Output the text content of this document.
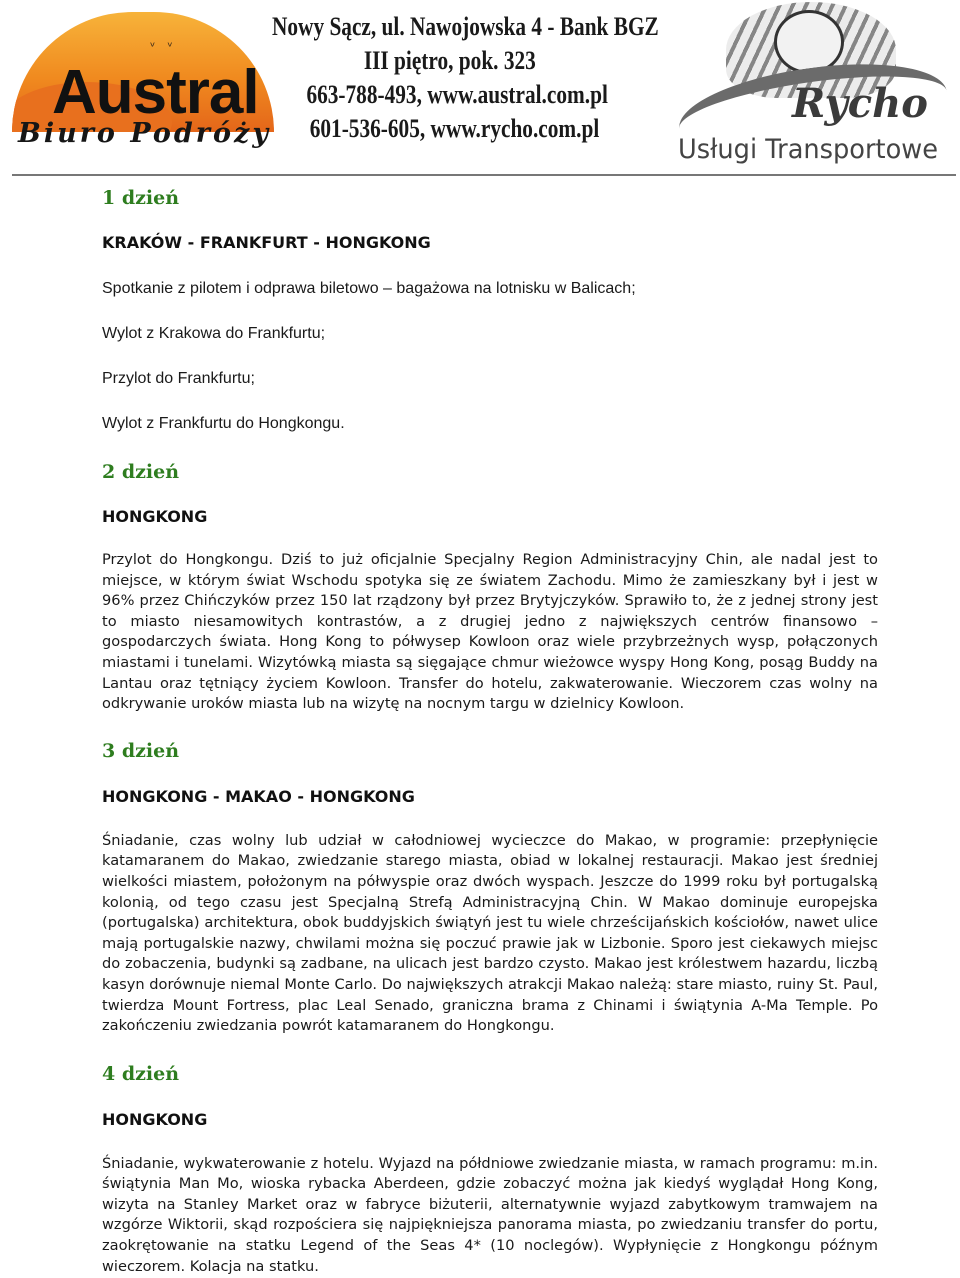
ᵛ ᵛ
Austral
Biuro Podróży
Nowy Sącz, ul. Nawojowska 4 - Bank BGZ
III piętro, pok. 323
663-788-493, www.austral.com.pl
601-536-605, www.rycho.com.pl
Rycho
Usługi Transportowe

1 dzień

KRAKÓW - FRANKFURT - HONGKONG

Spotkanie z pilotem i odprawa biletowo – bagażowa na lotnisku w Balicach;

Wylot z Krakowa do Frankfurtu;

Przylot do Frankfurtu;

Wylot z Frankfurtu do Hongkongu.

2 dzień

HONGKONG

Przylot do Hongkongu. Dziś to już oficjalnie Specjalny Region Administracyjny Chin, ale nadal jest to miejsce, w którym świat Wschodu spotyka się ze światem Zachodu. Mimo że zamieszkany był i jest w 96% przez Chińczyków przez 150 lat rządzony był przez Brytyjczyków. Sprawiło to, że z jednej strony jest to miasto niesamowitych kontrastów, a z drugiej jedno z największych centrów finansowo – gospodarczych świata. Hong Kong to półwysep Kowloon oraz wiele przybrzeżnych wysp, połączonych miastami i tunelami. Wizytówką miasta są sięgające chmur wieżowce wyspy Hong Kong, posąg Buddy na Lantau oraz tętniący życiem Kowloon. Transfer do hotelu, zakwaterowanie. Wieczorem czas wolny na odkrywanie uroków miasta lub na wizytę na nocnym targu w dzielnicy Kowloon.

3 dzień

HONGKONG - MAKAO - HONGKONG

Śniadanie, czas wolny lub udział w całodniowej wycieczce do Makao, w programie: przepłynięcie katamaranem do Makao, zwiedzanie starego miasta, obiad w lokalnej restauracji. Makao jest średniej wielkości miastem, położonym na półwyspie oraz dwóch wyspach. Jeszcze do 1999 roku był portugalską kolonią, od tego czasu jest Specjalną Strefą Administracyjną Chin. W Makao dominuje europejska (portugalska) architektura, obok buddyjskich świątyń jest tu wiele chrześcijańskich kościołów, nawet ulice mają portugalskie nazwy, chwilami można się poczuć prawie jak w Lizbonie. Sporo jest ciekawych miejsc do zobaczenia, budynki są zadbane, na ulicach jest bardzo czysto. Makao jest królestwem hazardu, liczbą kasyn dorównuje niemal Monte Carlo. Do największych atrakcji Makao należą: stare miasto, ruiny St. Paul, twierdza Mount Fortress, plac Leal Senado, graniczna brama z Chinami i świątynia A-Ma Temple. Po zakończeniu zwiedzania powrót katamaranem do Hongkongu.

4 dzień

HONGKONG

Śniadanie, wykwaterowanie z hotelu. Wyjazd na półdniowe zwiedzanie miasta, w ramach programu: m.in. świątynia Man Mo, wioska rybacka Aberdeen, gdzie zobaczyć można jak kiedyś wyglądał Hong Kong, wizyta na Stanley Market oraz w fabryce biżuterii, alternatywnie wyjazd zabytkowym tramwajem na wzgórze Wiktorii, skąd rozpościera się najpiękniejsza panorama miasta, po zwiedzaniu transfer do portu, zaokrętowanie na statku Legend of the Seas 4* (10 noclegów). Wypłynięcie z Hongkongu późnym wieczorem. Kolacja na statku.
